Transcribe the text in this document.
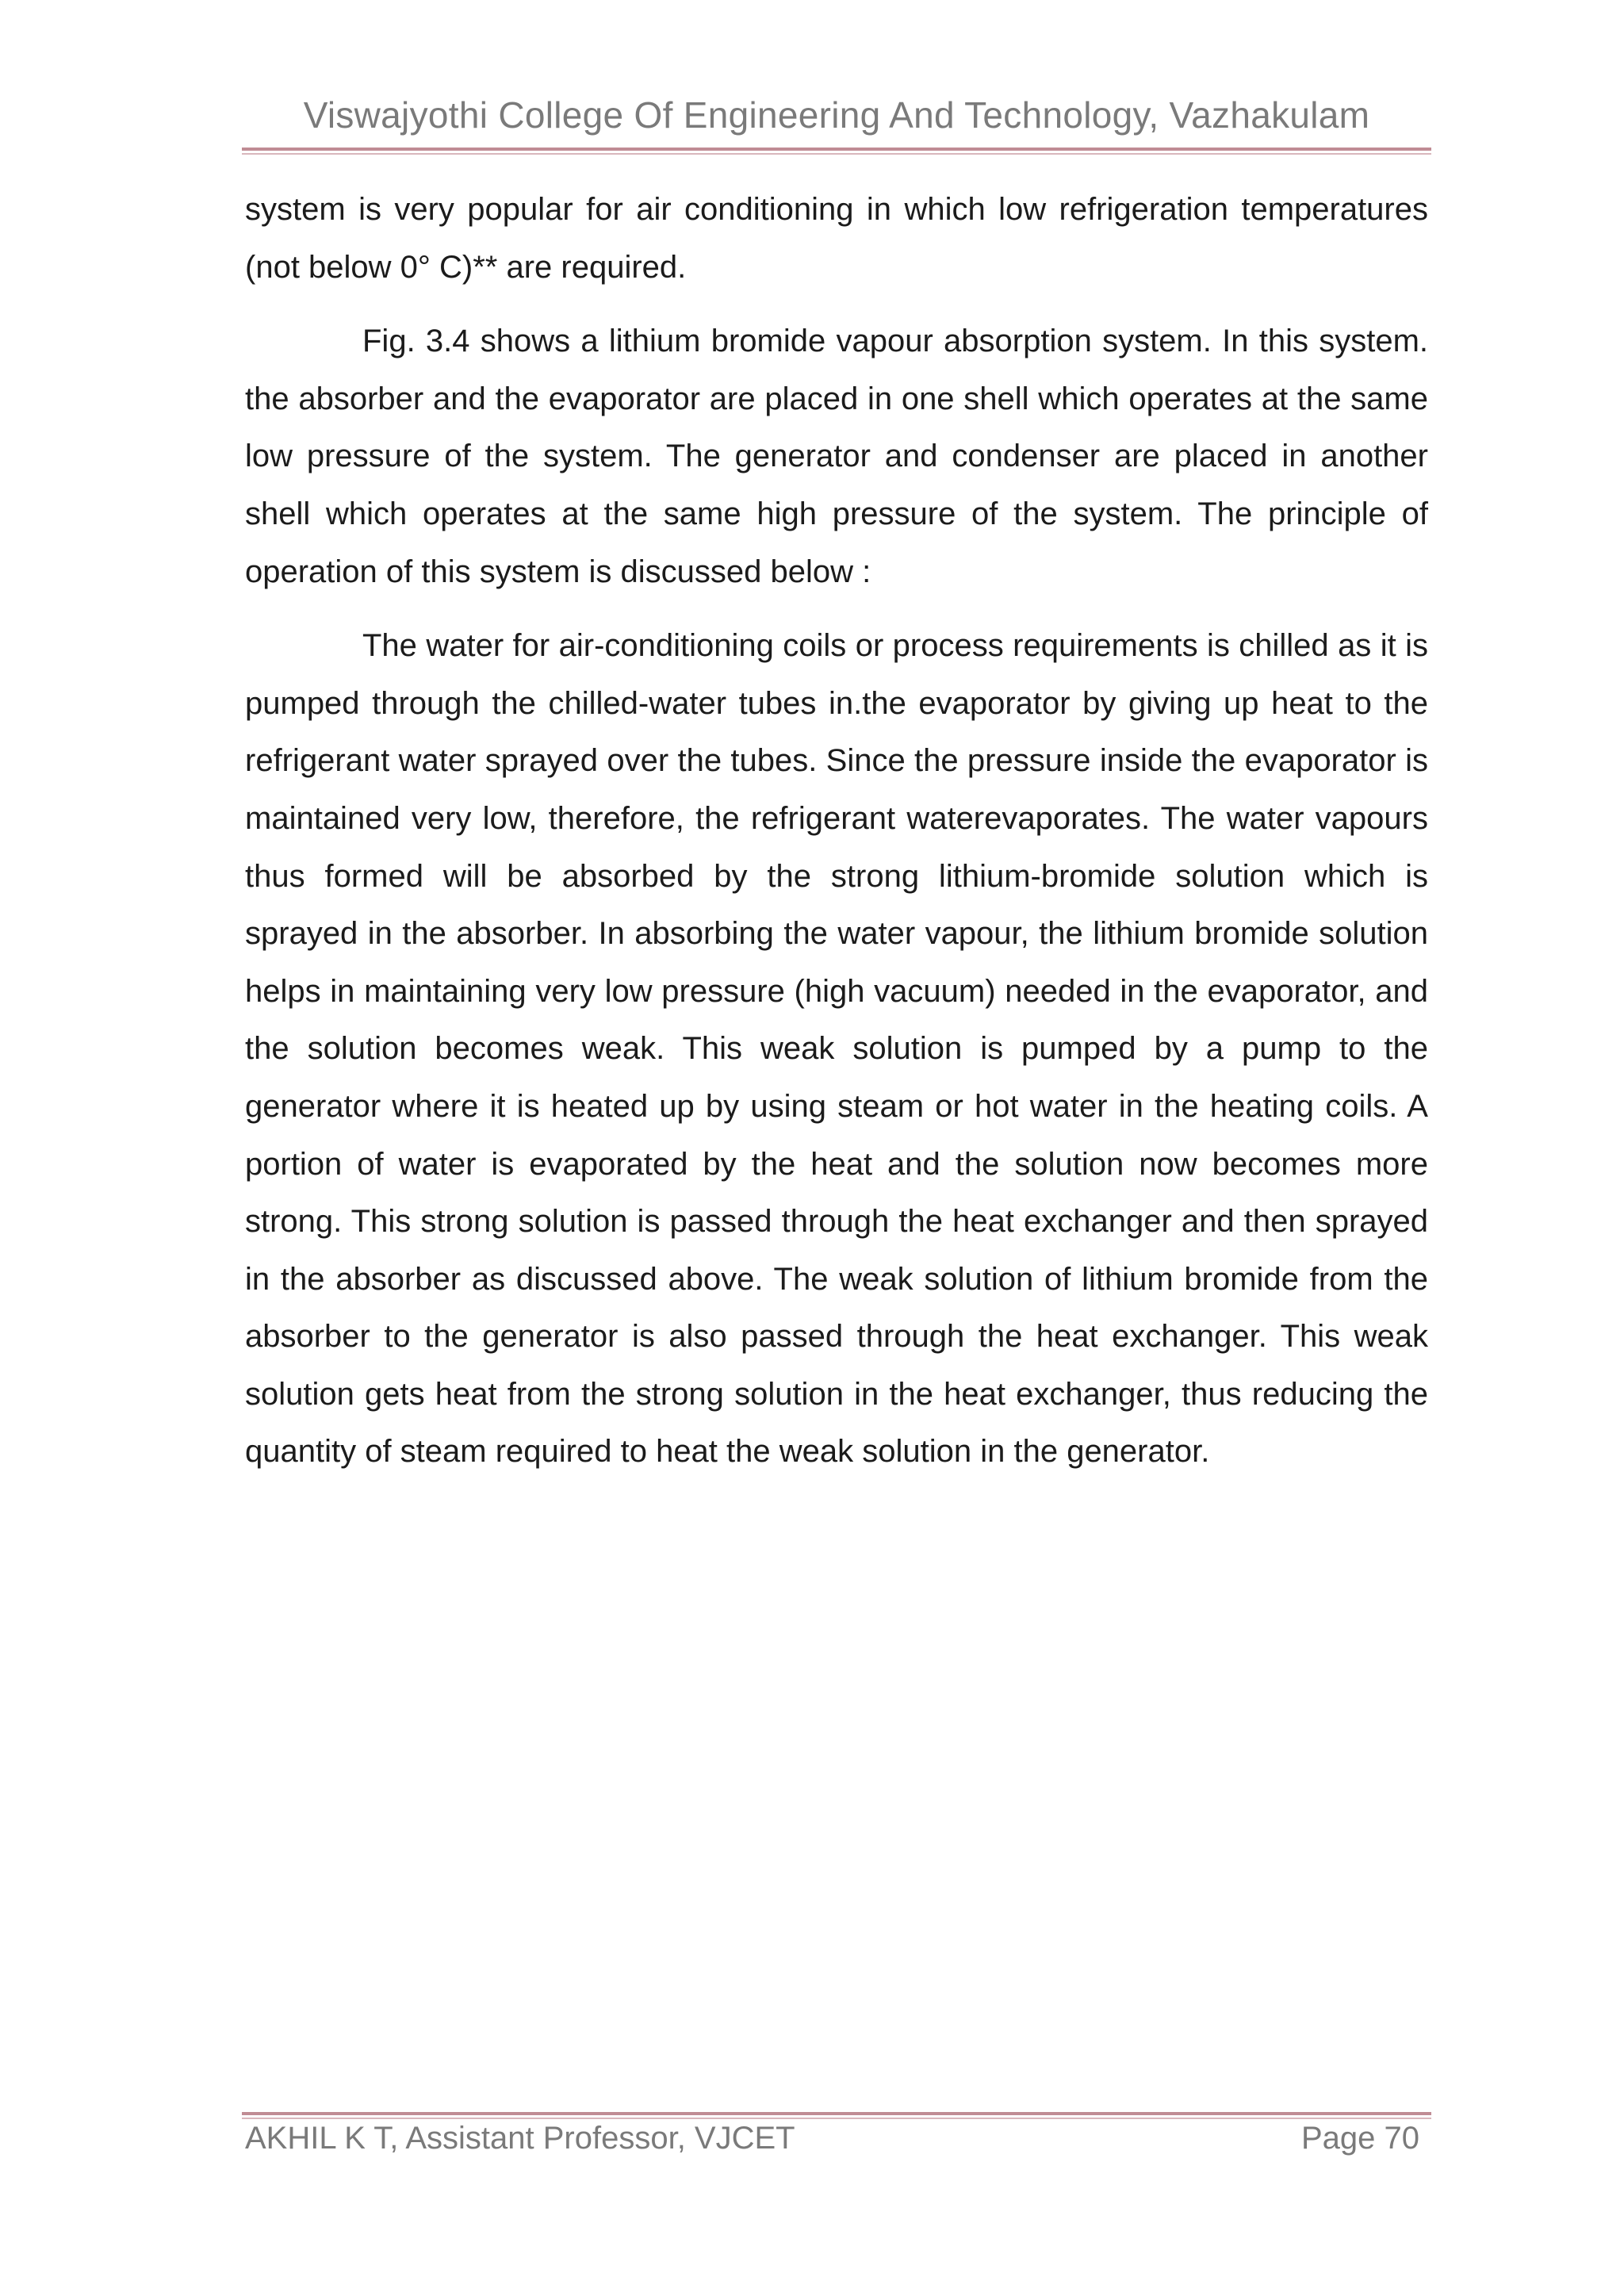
Viswajyothi College Of Engineering And Technology, Vazhakulam

system is very popular for air conditioning in which low refrigeration temperatures (not below 0° C)** are required.

Fig. 3.4 shows a lithium bromide vapour absorption system. In this system. the absorber and the evaporator are placed in one shell which operates at the same low pressure of the system. The generator and condenser are placed in another shell which operates at the same high pressure of the system. The principle of operation of this system is discussed below :

The water for air-conditioning coils or process requirements is chilled as it is pumped through the chilled-water tubes in.the evaporator by giving up heat to the refrigerant water sprayed over the tubes. Since the pressure inside the evaporator is maintained very low, therefore, the refrigerant waterevaporates. The water vapours thus formed will be absorbed by the strong lithium-bromide solution which is sprayed in the absorber. In absorbing the water vapour, the lithium bromide solution helps in maintaining very low pressure (high vacuum) needed in the evaporator, and the solution becomes weak. This weak solution is pumped by a pump to the generator where it is heated up by using steam or hot water in the heating coils. A portion of water is evaporated by the heat and the solution now becomes more strong. This strong solution is passed through the heat exchanger and then sprayed in the absorber as discussed above. The weak solution of lithium bromide from the absorber to the generator is also passed through the heat exchanger. This weak solution gets heat from the strong solution in the heat exchanger, thus reducing the quantity of steam required to heat the weak solution in the generator.

AKHIL K T, Assistant Professor, VJCET	Page 70
